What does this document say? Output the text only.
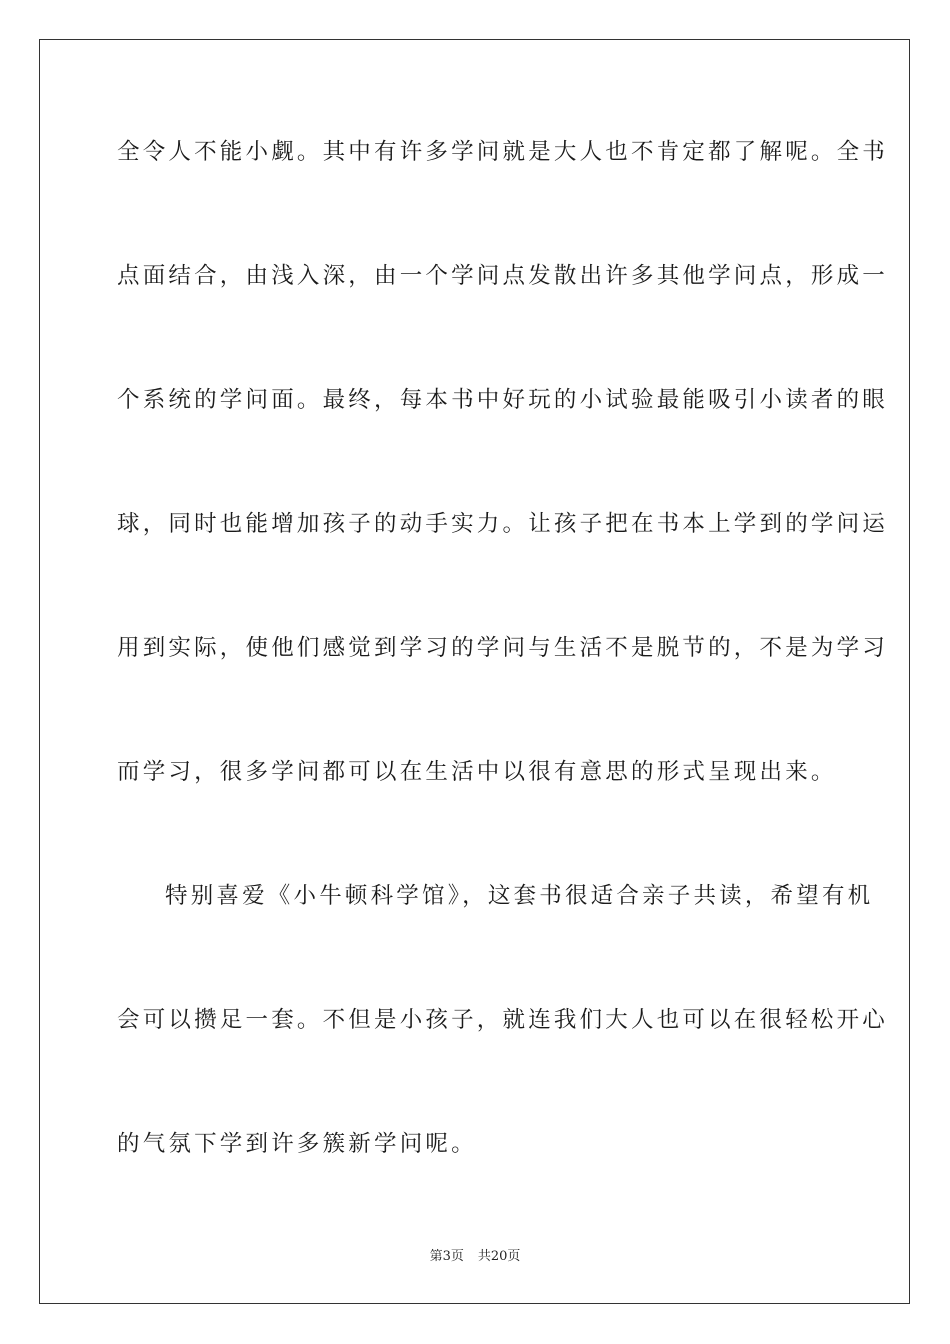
全令人不能小觑。其中有许多学问就是大人也不肯定都了解呢。全书
点面结合，由浅入深，由一个学问点发散出许多其他学问点，形成一
个系统的学问面。最终，每本书中好玩的小试验最能吸引小读者的眼
球，同时也能增加孩子的动手实力。让孩子把在书本上学到的学问运
用到实际，使他们感觉到学习的学问与生活不是脱节的，不是为学习
而学习，很多学问都可以在生活中以很有意思的形式呈现出来。
特别喜爱《小牛顿科学馆》，这套书很适合亲子共读，希望有机
会可以攒足一套。不但是小孩子，就连我们大人也可以在很轻松开心
的气氛下学到许多簇新学问呢。
第3页 共20页
